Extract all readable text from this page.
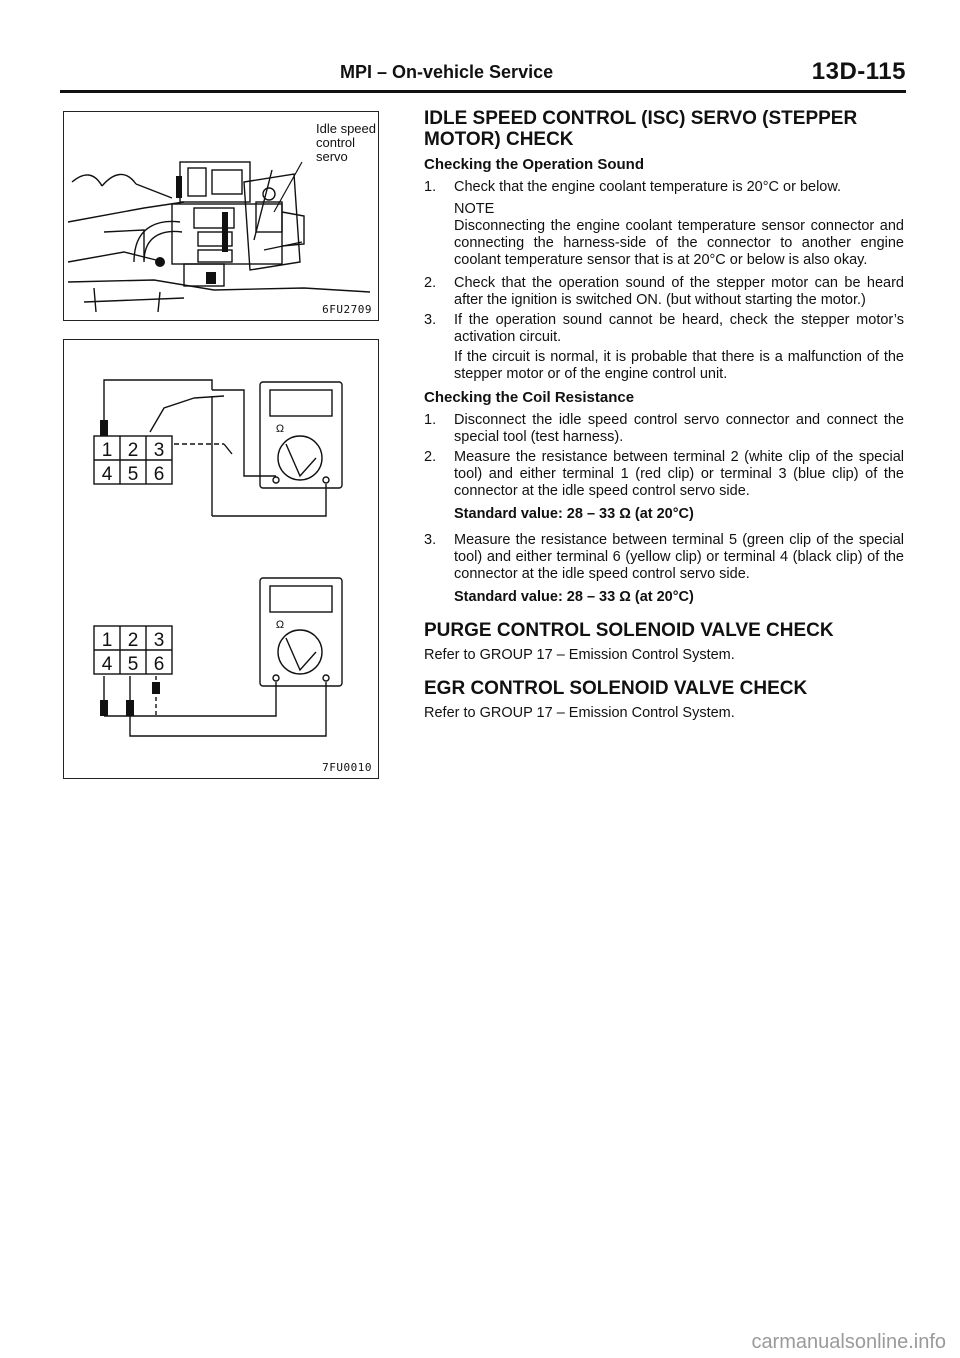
MPI – On-vehicle Service	13D-115
Idle speed
control servo
6FU2709
1 2 3
4 5 6
1 2 3
4 5 6
Ω
Ω
7FU0010
IDLE SPEED CONTROL (ISC) SERVO (STEPPER MOTOR) CHECK
Checking the Operation Sound
1.	Check that the engine coolant temperature is 20°C or below.
NOTE
Disconnecting the engine coolant temperature sensor connector and connecting the harness-side of the connector to another engine coolant temperature sensor that is at 20°C or below is also okay.
2.	Check that the operation sound of the stepper motor can be heard after the ignition is switched ON. (but without starting the motor.)
3.	If the operation sound cannot be heard, check the stepper motor’s activation circuit.
If the circuit is normal, it is probable that there is a malfunction of the stepper motor or of the engine control unit.
Checking the Coil Resistance
1.	Disconnect the idle speed control servo connector and connect the special tool (test harness).
2.	Measure the resistance between terminal 2 (white clip of the special tool) and either terminal 1 (red clip) or terminal 3 (blue clip) of the connector at the idle speed control servo side.
Standard value: 28 – 33 Ω (at 20°C)
3.	Measure the resistance between terminal 5 (green clip of the special tool) and either terminal 6 (yellow clip) or terminal 4 (black clip) of the connector at the idle speed control servo side.
Standard value: 28 – 33 Ω (at 20°C)
PURGE CONTROL SOLENOID VALVE CHECK
Refer to GROUP 17 – Emission Control System.
EGR CONTROL SOLENOID VALVE CHECK
Refer to GROUP 17 – Emission Control System.
carmanualsonline.info
